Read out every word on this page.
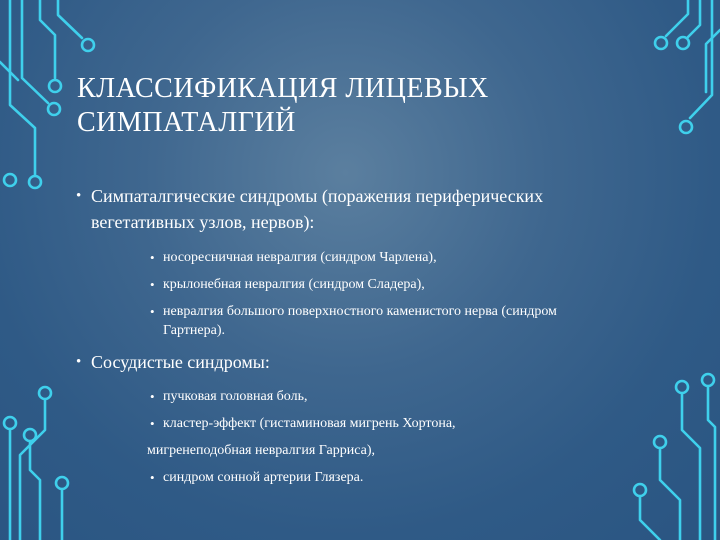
КЛАССИФИКАЦИЯ ЛИЦЕВЫХ
СИМПАТАЛГИЙ
• Симпаталгические синдромы (поражения периферических
вегетативных узлов, нервов):
• носоресничная невралгия (синдром Чарлена),
• крылонебная невралгия (синдром Сладера),
• невралгия большого поверхностного каменистого нерва (синдром
Гартнера).
• Сосудистые синдромы:
• пучковая головная боль,
• кластер-эффект (гистаминовая мигрень Хортона,
мигренеподобная невралгия Гарриса),
• синдром сонной артерии Глязера.
